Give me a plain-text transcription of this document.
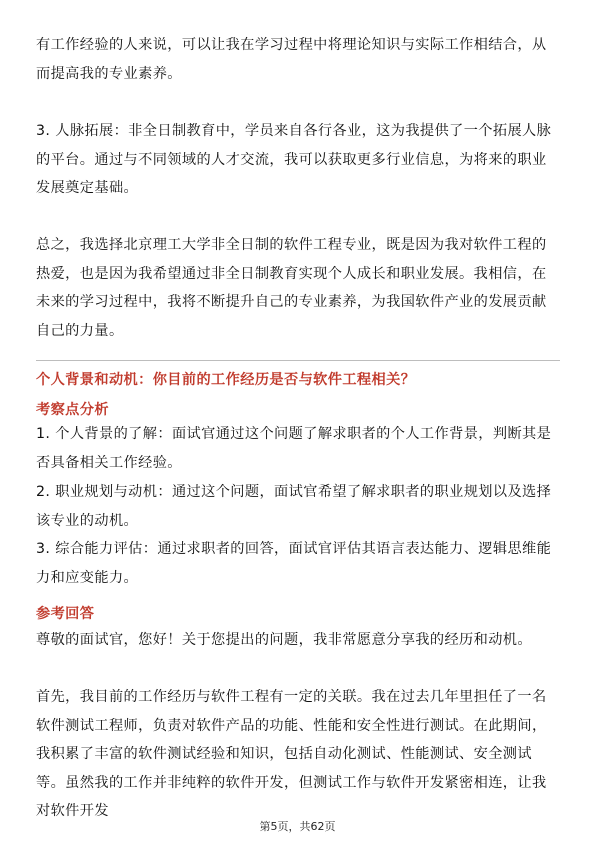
有工作经验的人来说，可以让我在学习过程中将理论知识与实际工作相结合，从而提高我的专业素养。

3. 人脉拓展：非全日制教育中，学员来自各行各业，这为我提供了一个拓展人脉的平台。通过与不同领域的人才交流，我可以获取更多行业信息，为将来的职业发展奠定基础。

总之，我选择北京理工大学非全日制的软件工程专业，既是因为我对软件工程的热爱，也是因为我希望通过非全日制教育实现个人成长和职业发展。我相信，在未来的学习过程中，我将不断提升自己的专业素养，为我国软件产业的发展贡献自己的力量。

个人背景和动机：你目前的工作经历是否与软件工程相关？

考察点分析

1. 个人背景的了解：面试官通过这个问题了解求职者的个人工作背景，判断其是否具备相关工作经验。

2. 职业规划与动机：通过这个问题，面试官希望了解求职者的职业规划以及选择该专业的动机。

3. 综合能力评估：通过求职者的回答，面试官评估其语言表达能力、逻辑思维能力和应变能力。

参考回答

尊敬的面试官，您好！关于您提出的问题，我非常愿意分享我的经历和动机。

首先，我目前的工作经历与软件工程有一定的关联。我在过去几年里担任了一名软件测试工程师，负责对软件产品的功能、性能和安全性进行测试。在此期间，我积累了丰富的软件测试经验和知识，包括自动化测试、性能测试、安全测试等。虽然我的工作并非纯粹的软件开发，但测试工作与软件开发紧密相连，让我对软件开发

第5页，共62页
